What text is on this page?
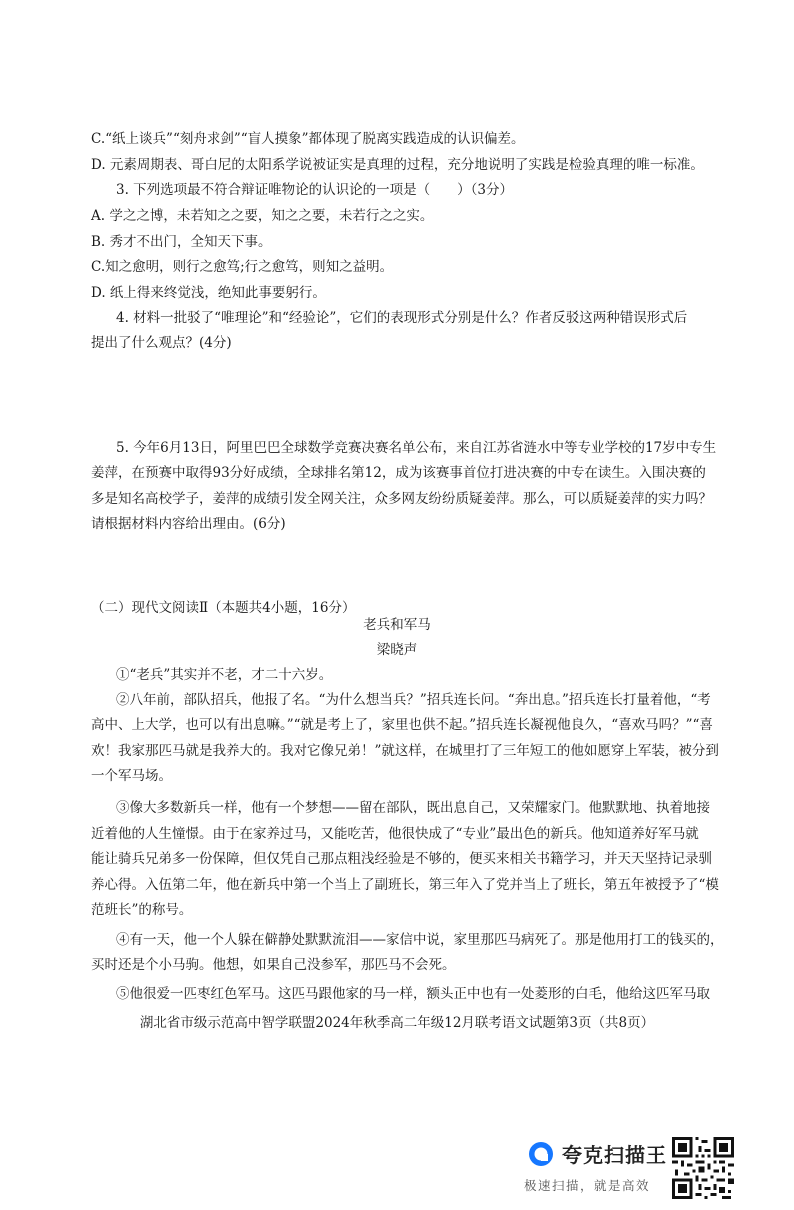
C.“纸上谈兵”“刻舟求剑”“盲人摸象”都体现了脱离实践造成的认识偏差。
D. 元素周期表、哥白尼的太阳系学说被证实是真理的过程，充分地说明了实践是检验真理的唯一标准。
3. 下列选项最不符合辩证唯物论的认识论的一项是（　　）（3分）
A. 学之之博，未若知之之要，知之之要，未若行之之实。
B. 秀才不出门，全知天下事。
C.知之愈明，则行之愈笃;行之愈笃，则知之益明。
D. 纸上得来终觉浅，绝知此事要躬行。
4. 材料一批驳了“唯理论”和“经验论”，它们的表现形式分别是什么？作者反驳这两种错误形式后
提出了什么观点？(4分)
5. 今年6月13日，阿里巴巴全球数学竞赛决赛名单公布，来自江苏省涟水中等专业学校的17岁中专生
姜萍，在预赛中取得93分好成绩，全球排名第12，成为该赛事首位打进决赛的中专在读生。入围决赛的
多是知名高校学子，姜萍的成绩引发全网关注，众多网友纷纷质疑姜萍。那么，可以质疑姜萍的实力吗？
请根据材料内容给出理由。(6分)
（二）现代文阅读Ⅱ（本题共4小题，16分）
老兵和军马
梁晓声
①“老兵”其实并不老，才二十六岁。
②八年前，部队招兵，他报了名。“为什么想当兵？”招兵连长问。“奔出息。”招兵连长打量着他，“考
高中、上大学，也可以有出息嘛。”“就是考上了，家里也供不起。”招兵连长凝视他良久，“喜欢马吗？”“喜
欢！我家那匹马就是我养大的。我对它像兄弟！”就这样，在城里打了三年短工的他如愿穿上军装，被分到
一个军马场。
③像大多数新兵一样，他有一个梦想——留在部队，既出息自己，又荣耀家门。他默默地、执着地接
近着他的人生憧憬。由于在家养过马，又能吃苦，他很快成了“专业”最出色的新兵。他知道养好军马就
能让骑兵兄弟多一份保障，但仅凭自己那点粗浅经验是不够的，便买来相关书籍学习，并天天坚持记录驯
养心得。入伍第二年，他在新兵中第一个当上了副班长，第三年入了党并当上了班长，第五年被授予了“模
范班长”的称号。
④有一天，他一个人躲在僻静处默默流泪——家信中说，家里那匹马病死了。那是他用打工的钱买的，
买时还是个小马驹。他想，如果自己没参军，那匹马不会死。
⑤他很爱一匹枣红色军马。这匹马跟他家的马一样，额头正中也有一处菱形的白毛，他给这匹军马取
湖北省市级示范高中智学联盟2024年秋季高二年级12月联考语文试题第3页（共8页）
夸克扫描王
极速扫描，就是高效
